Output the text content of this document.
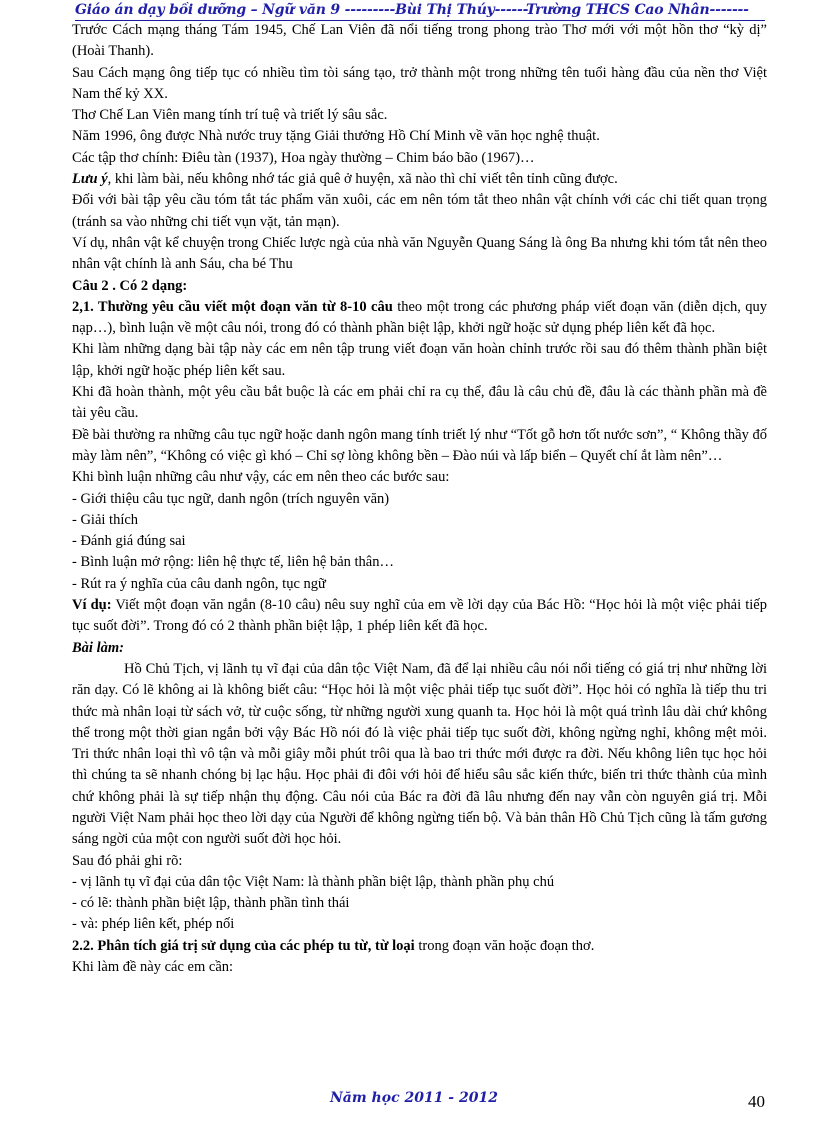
Giáo án dạy bồi dưỡng – Ngữ văn 9 ---------Bùi Thị Thúy------Trường THCS Cao Nhân-------

Trước Cách mạng tháng Tám 1945, Chế Lan Viên đã nổi tiếng trong phong trào Thơ mới với một hồn thơ “kỳ dị” (Hoài Thanh).

Sau Cách mạng ông tiếp tục có nhiều tìm tòi sáng tạo, trở thành một trong những tên tuổi hàng đầu của nền thơ Việt Nam thế kỷ XX.

Thơ Chế Lan Viên mang tính trí tuệ và triết lý sâu sắc.

Năm 1996, ông được Nhà nước truy tặng Giải thưởng Hồ Chí Minh về văn học nghệ thuật.

Các tập thơ chính: Điêu tàn (1937), Hoa ngày thường – Chim báo bão (1967)…

Lưu ý, khi làm bài, nếu không nhớ tác giả quê ở huyện, xã nào thì chỉ viết tên tỉnh cũng được.

Đối với bài tập yêu cầu tóm tắt tác phẩm văn xuôi, các em nên tóm tắt theo nhân vật chính với các chi tiết quan trọng (tránh sa vào những chi tiết vụn vặt, tản mạn).

Ví dụ, nhân vật kể chuyện trong Chiếc lược ngà của nhà văn Nguyễn Quang Sáng là ông Ba nhưng khi tóm tắt nên theo nhân vật chính là anh Sáu, cha bé Thu

Câu 2 . Có 2 dạng:

2,1. Thường yêu cầu viết một đoạn văn từ 8-10 câu theo một trong các phương pháp viết đoạn văn (diễn dịch, quy nạp…), bình luận về một câu nói, trong đó có thành phần biệt lập, khởi ngữ hoặc sử dụng phép liên kết đã học.

Khi làm những dạng bài tập này các em nên tập trung viết đoạn văn hoàn chỉnh trước rồi sau đó thêm thành phần biệt lập, khởi ngữ hoặc phép liên kết sau.

Khi đã hoàn thành, một yêu cầu bắt buộc là các em phải chỉ ra cụ thể, đâu là câu chủ đề, đâu là các thành phần mà đề tài yêu cầu.

Đề bài thường ra những câu tục ngữ hoặc danh ngôn mang tính triết lý như “Tốt gỗ hơn tốt nước sơn”, “ Không thầy đố mày làm nên”, “Không có việc gì khó – Chỉ sợ lòng không bền – Đào núi và lấp biển – Quyết chí ắt làm nên”…

Khi bình luận những câu như vậy, các em nên theo các bước sau:

- Giới thiệu câu tục ngữ, danh ngôn (trích nguyên văn)

- Giải thích

- Đánh giá đúng sai

- Bình luận mở rộng: liên hệ thực tế, liên hệ bản thân…

- Rút ra ý nghĩa của câu danh ngôn, tục ngữ

Ví dụ: Viết một đoạn văn ngắn (8-10 câu) nêu suy nghĩ của em về lời dạy của Bác Hồ: “Học hỏi là một việc phải tiếp tục suốt đời”. Trong đó có 2 thành phần biệt lập, 1 phép liên kết đã học.

Bài làm:

Hồ Chủ Tịch, vị lãnh tụ vĩ đại của dân tộc Việt Nam, đã để lại nhiều câu nói nổi tiếng có giá trị như những lời răn dạy. Có lẽ không ai là không biết câu: “Học hỏi là một việc phải tiếp tục suốt đời”. Học hỏi có nghĩa là tiếp thu tri thức mà nhân loại từ sách vở, từ cuộc sống, từ những người xung quanh ta. Học hỏi là một quá trình lâu dài chứ không thể trong một thời gian ngắn bởi vậy Bác Hồ nói đó là việc phải tiếp tục suốt đời, không ngừng nghỉ, không mệt mỏi. Tri thức nhân loại thì vô tận và mỗi giây mỗi phút trôi qua là bao tri thức mới được ra đời. Nếu không liên tục học hỏi thì chúng ta sẽ nhanh chóng bị lạc hậu. Học phải đi đôi với hỏi để hiểu sâu sắc kiến thức, biến tri thức thành của mình chứ không phải là sự tiếp nhận thụ động. Câu nói của Bác ra đời đã lâu nhưng đến nay vẫn còn nguyên giá trị. Mỗi người Việt Nam phải học theo lời dạy của Người để không ngừng tiến bộ. Và bản thân Hồ Chủ Tịch cũng là tấm gương sáng ngời của một con người suốt đời học hỏi.

Sau đó phải ghi rõ:

- vị lãnh tụ vĩ đại của dân tộc Việt Nam: là thành phần biệt lập, thành phần phụ chú

- có lẽ: thành phần biệt lập, thành phần tình thái

- và: phép liên kết, phép nối

2.2. Phân tích giá trị sử dụng của các phép tu từ, từ loại trong đoạn văn hoặc đoạn thơ.

Khi làm đề này các em cần:

Năm học 2011 - 2012	40
